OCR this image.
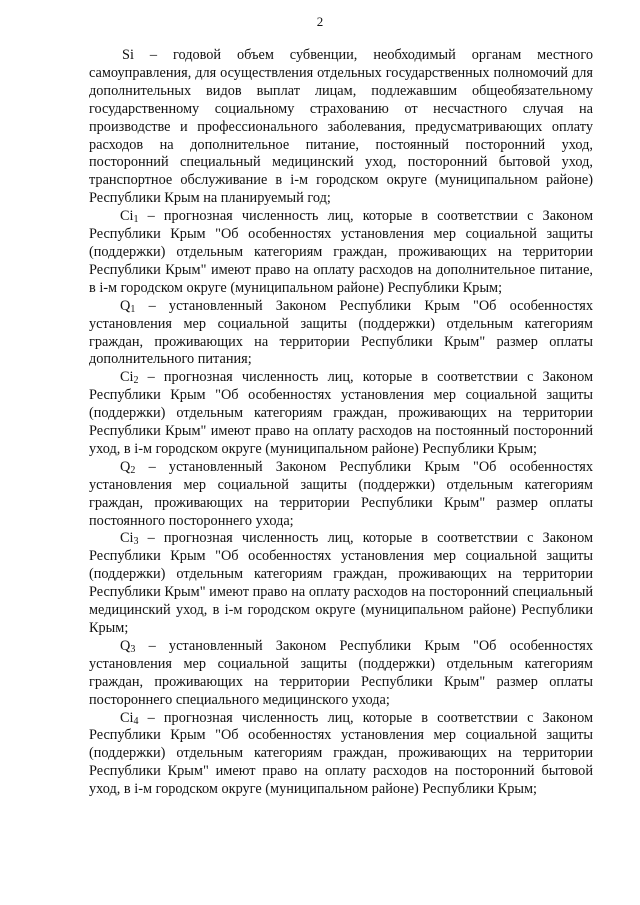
2

Si – годовой объем субвенции, необходимый органам местного самоуправления, для осуществления отдельных государственных полномочий для дополнительных видов выплат лицам, подлежавшим общеобязательному государственному социальному страхованию от несчастного случая на производстве и профессионального заболевания, предусматривающих оплату расходов на дополнительное питание, постоянный посторонний уход, посторонний специальный медицинский уход, посторонний бытовой уход, транспортное обслуживание в i-м городском округе (муниципальном районе) Республики Крым на планируемый год;

$Ci_1$ – прогнозная численность лиц, которые в соответствии с Законом Республики Крым "Об особенностях установления мер социальной защиты (поддержки) отдельным категориям граждан, проживающих на территории Республики Крым" имеют право на оплату расходов на дополнительное питание, в i-м городском округе (муниципальном районе) Республики Крым;

$Q_1$ – установленный Законом Республики Крым "Об особенностях установления мер социальной защиты (поддержки) отдельным категориям граждан, проживающих на территории Республики Крым" размер оплаты дополнительного питания;

$Ci_2$ – прогнозная численность лиц, которые в соответствии с Законом Республики Крым "Об особенностях установления мер социальной защиты (поддержки) отдельным категориям граждан, проживающих на территории Республики Крым" имеют право на оплату расходов на постоянный посторонний уход, в i-м городском округе (муниципальном районе) Республики Крым;

$Q_2$ – установленный Законом Республики Крым "Об особенностях установления мер социальной защиты (поддержки) отдельным категориям граждан, проживающих на территории Республики Крым" размер оплаты постоянного постороннего ухода;

$Ci_3$ – прогнозная численность лиц, которые в соответствии с Законом Республики Крым "Об особенностях установления мер социальной защиты (поддержки) отдельным категориям граждан, проживающих на территории Республики Крым" имеют право на оплату расходов на посторонний специальный медицинский уход, в i-м городском округе (муниципальном районе) Республики Крым;

$Q_3$ – установленный Законом Республики Крым "Об особенностях установления мер социальной защиты (поддержки) отдельным категориям граждан, проживающих на территории Республики Крым" размер оплаты постороннего специального медицинского ухода;

$Ci_4$ – прогнозная численность лиц, которые в соответствии с Законом Республики Крым "Об особенностях установления мер социальной защиты (поддержки) отдельным категориям граждан, проживающих на территории Республики Крым" имеют право на оплату расходов на посторонний бытовой уход, в i-м городском округе (муниципальном районе) Республики Крым;
